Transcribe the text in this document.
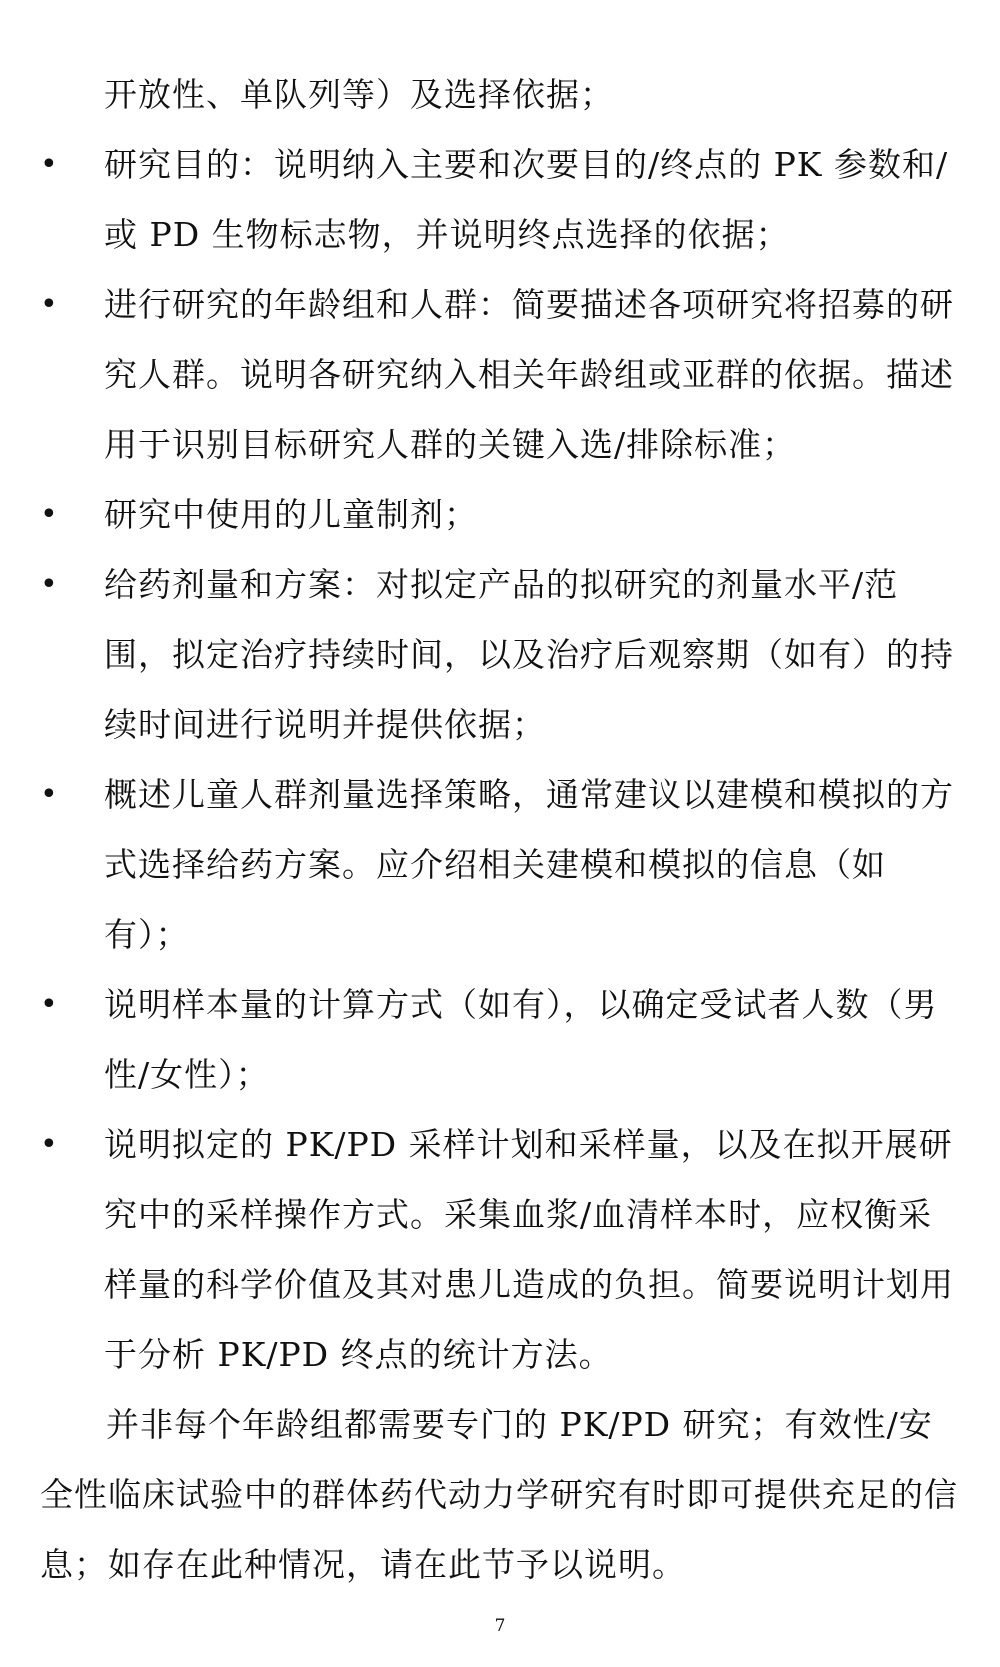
开放性、单队列等）及选择依据；

• 研究目的：说明纳入主要和次要目的/终点的 PK 参数和/或 PD 生物标志物，并说明终点选择的依据；
• 进行研究的年龄组和人群：简要描述各项研究将招募的研究人群。说明各研究纳入相关年龄组或亚群的依据。描述用于识别目标研究人群的关键入选/排除标准；
• 研究中使用的儿童制剂；
• 给药剂量和方案：对拟定产品的拟研究的剂量水平/范围，拟定治疗持续时间，以及治疗后观察期（如有）的持续时间进行说明并提供依据；
• 概述儿童人群剂量选择策略，通常建议以建模和模拟的方式选择给药方案。应介绍相关建模和模拟的信息（如有）；
• 说明样本量的计算方式（如有），以确定受试者人数（男性/女性）；
• 说明拟定的 PK/PD 采样计划和采样量，以及在拟开展研究中的采样操作方式。采集血浆/血清样本时，应权衡采样量的科学价值及其对患儿造成的负担。简要说明计划用于分析 PK/PD 终点的统计方法。

并非每个年龄组都需要专门的 PK/PD 研究；有效性/安全性临床试验中的群体药代动力学研究有时即可提供充足的信息；如存在此种情况，请在此节予以说明。

7
